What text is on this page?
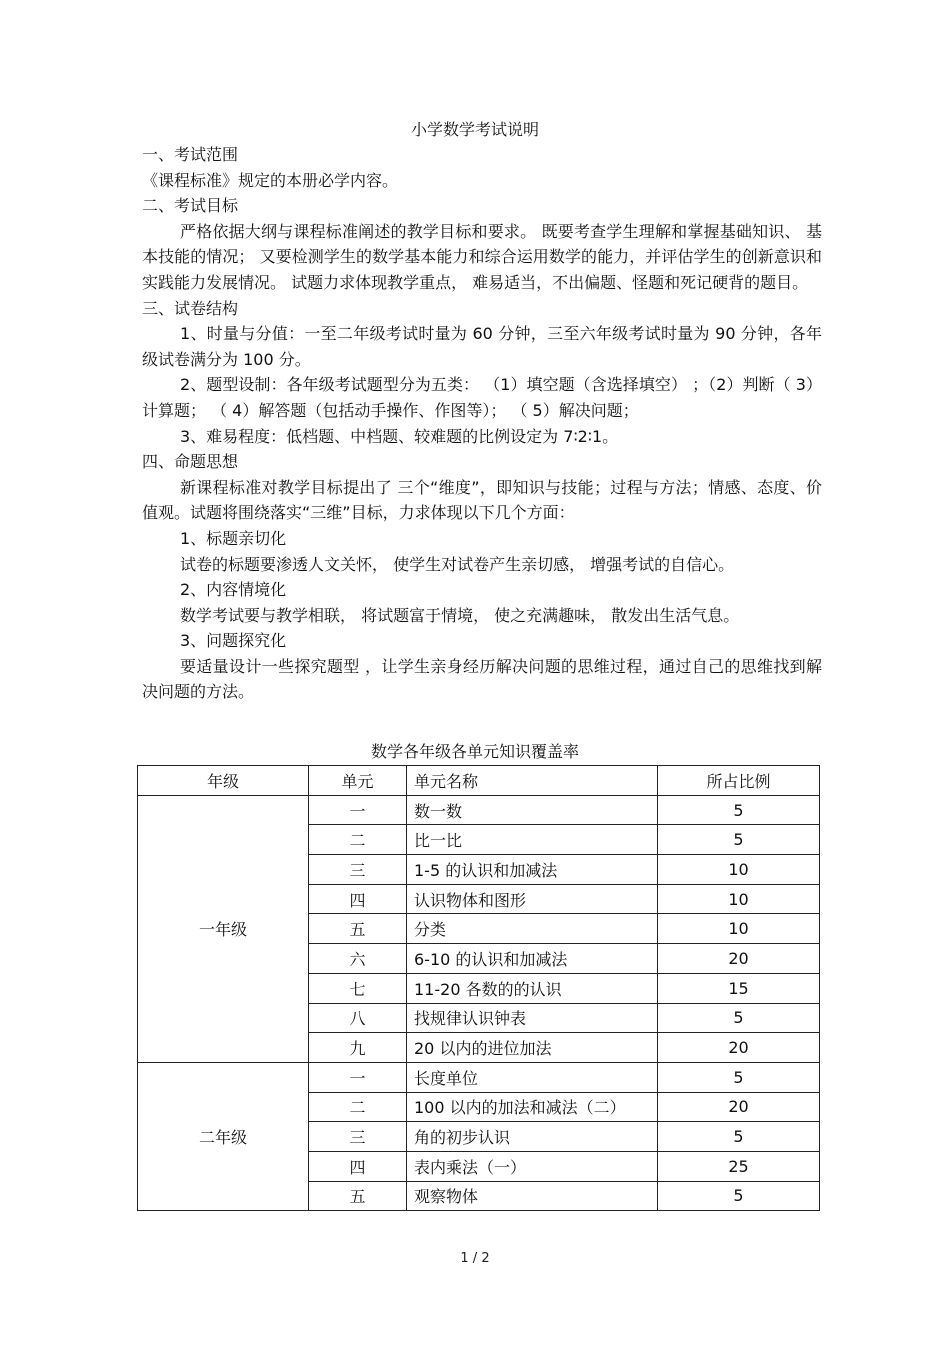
小学数学考试说明

一、考试范围

《课程标准》规定的本册必学内容。

二、考试目标

严格依据大纲与课程标准阐述的教学目标和要求。 既要考查学生理解和掌握基础知识、 基本技能的情况； 又要检测学生的数学基本能力和综合运用数学的能力，并评估学生的创新意识和实践能力发展情况。 试题力求体现教学重点， 难易适当，不出偏题、怪题和死记硬背的题目。

三、试卷结构

1、时量与分值：一至二年级考试时量为 60 分钟，三至六年级考试时量为 90 分钟，各年级试卷满分为 100 分。

2、题型设制：各年级考试题型分为五类： （1）填空题（含选择填空） ；（2）判断（ 3）计算题； （ 4）解答题（包括动手操作、作图等）； （ 5）解决问题；

3、难易程度：低档题、中档题、较难题的比例设定为 7∶2∶1。

四、命题思想

新课程标准对教学目标提出了 三个“维度”，即知识与技能；过程与方法；情感、态度、价值观。试题将围绕落实“三维”目标，力求体现以下几个方面：

1、标题亲切化

试卷的标题要渗透人文关怀， 使学生对试卷产生亲切感， 增强考试的自信心。

2、内容情境化

数学考试要与教学相联， 将试题富于情境， 使之充满趣味， 散发出生活气息。

3、问题探究化

要适量设计一些探究题型 ，让学生亲身经历解决问题的思维过程，通过自己的思维找到解决问题的方法。

数学各年级各单元知识覆盖率
年级	单元	单元名称	所占比例
一年级	一	数一数	5
	二	比一比	5
	三	1-5 的认识和加减法	10
	四	认识物体和图形	10
	五	分类	10
	六	6-10 的认识和加减法	20
	七	11-20 各数的的认识	15
	八	找规律认识钟表	5
	九	20 以内的进位加法	20
二年级	一	长度单位	5
	二	100 以内的加法和减法（二）	20
	三	角的初步认识	5
	四	表内乘法（一）	25
	五	观察物体	5
1 / 2
